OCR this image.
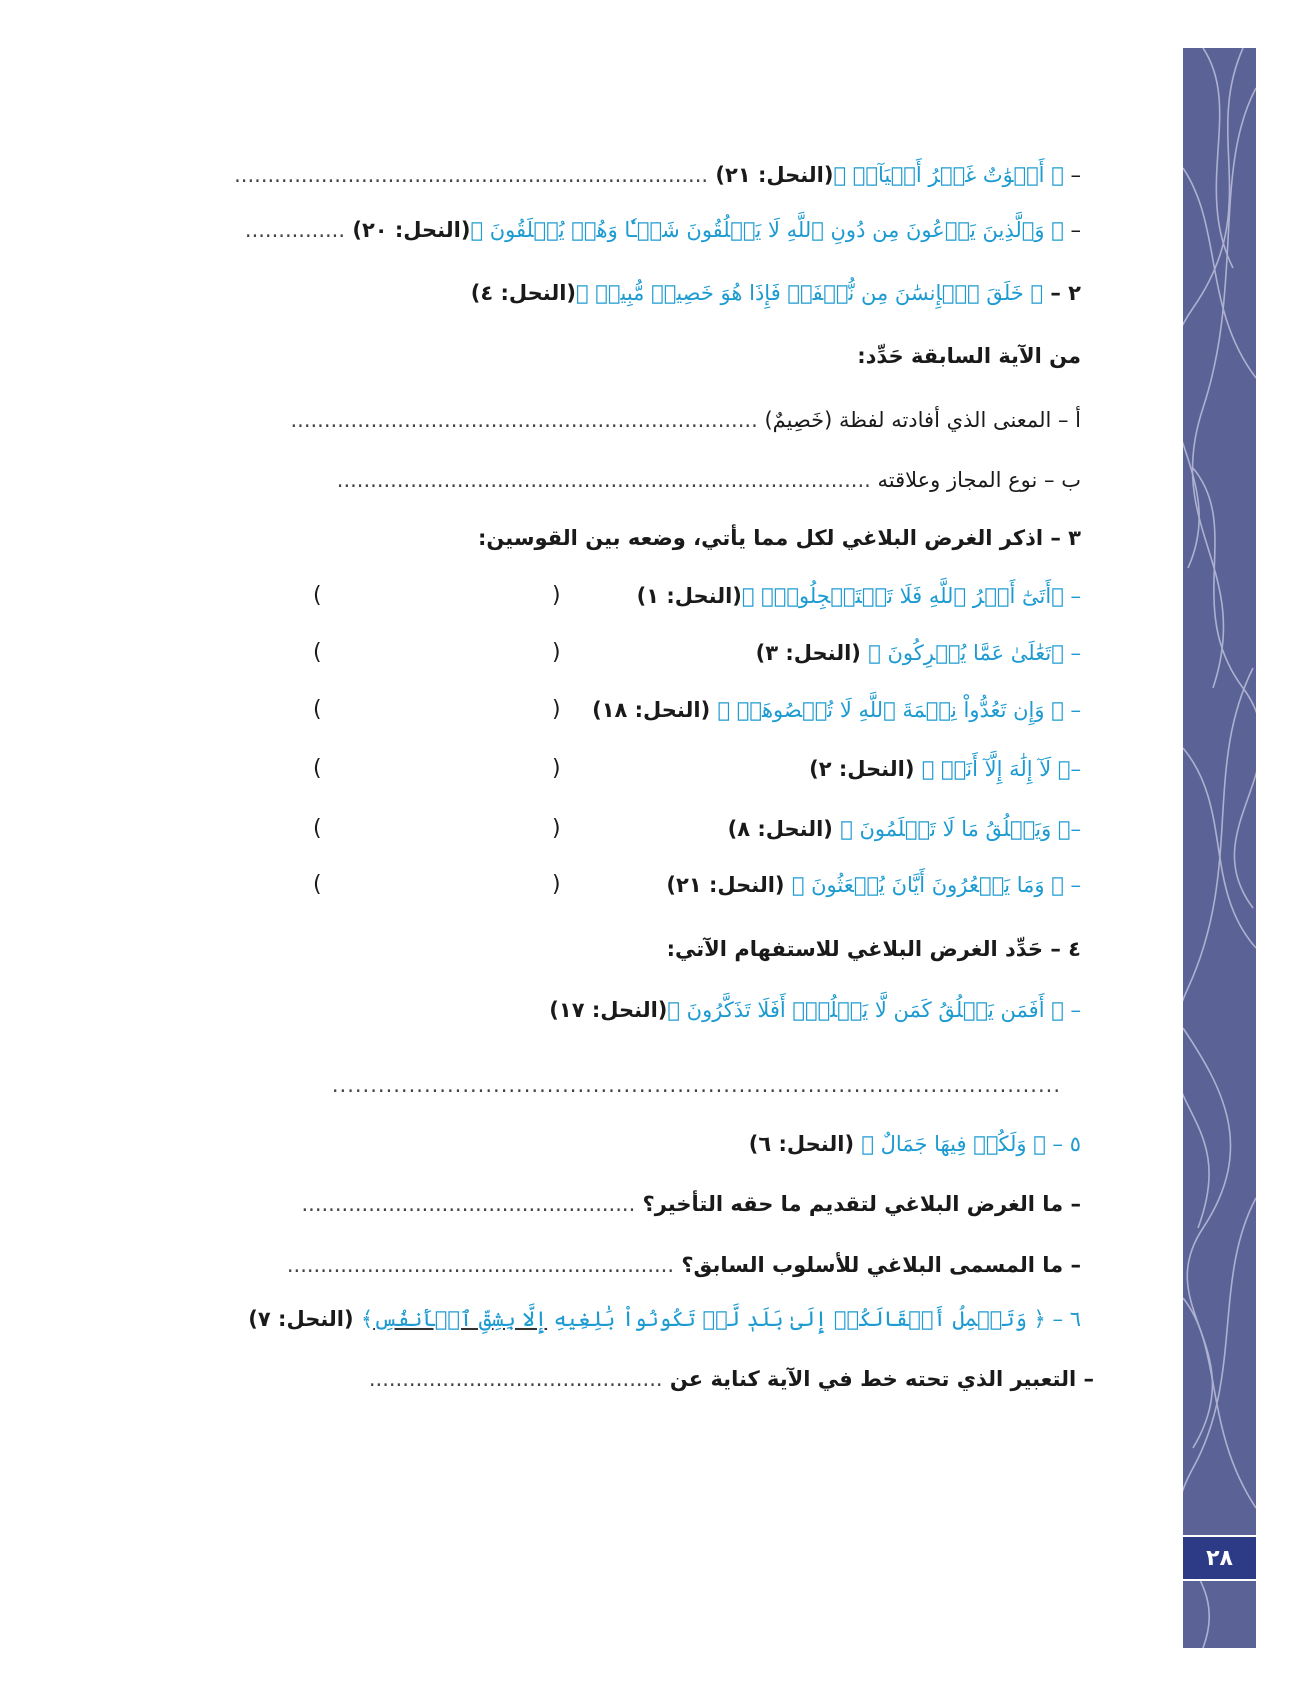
٢٨
– ﴿ أَمۡوَٰتٌ غَيۡرُ أَحۡيَآءٖ ﴾(النحل: ٢١) .......................................................................
– ﴿ وَٱلَّذِينَ يَدۡعُونَ مِن دُونِ ٱللَّهِ لَا يَخۡلُقُونَ شَيۡـٔٗا وَهُمۡ يُخۡلَقُونَ ﴾(النحل: ٢٠) ...............
٢ – ﴿ خَلَقَ ٱلۡإِنسَٰنَ مِن نُّطۡفَةٖ فَإِذَا هُوَ خَصِيمٞ مُّبِينٞ ﴾(النحل: ٤)
من الآية السابقة حَدِّد:
أ – المعنى الذي أفادته لفظة (خَصِيمٌ) ......................................................................
ب – نوع المجاز وعلاقته ................................................................................
٣ – اذكر الغرض البلاغي لكل مما يأتي، وضعه بين القوسين:
– ﴿أَتَىٰٓ أَمۡرُ ٱللَّهِ فَلَا تَسۡتَعۡجِلُوهُۚ ﴾(النحل: ١)
– ﴿تَعَٰلَىٰ عَمَّا يُشۡرِكُونَ ﴾ (النحل: ٣)
– ﴿ وَإِن تَعُدُّواْ نِعۡمَةَ ٱللَّهِ لَا تُحۡصُوهَآۗ ﴾ (النحل: ١٨)
–﴿ لَآ إِلَٰهَ إِلَّآ أَنَا۠ ﴾ (النحل: ٢)
–﴿ وَيَخۡلُقُ مَا لَا تَعۡلَمُونَ ﴾ (النحل: ٨)
– ﴿ وَمَا يَشۡعُرُونَ أَيَّانَ يُبۡعَثُونَ ﴾ (النحل: ٢١)
(
)
(
)
(
)
(
)
(
)
(
)
٤ – حَدِّد الغرض البلاغي للاستفهام الآتي:
– ﴿ أَفَمَن يَخۡلُقُ كَمَن لَّا يَخۡلُقُۚ أَفَلَا تَذَكَّرُونَ ﴾(النحل: ١٧)
...............................................................................................
٥ – ﴿ وَلَكُمۡ فِيهَا جَمَالٌ ﴾ (النحل: ٦)
– ما الغرض البلاغي لتقديم ما حقه التأخير؟ ..................................................
– ما المسمى البلاغي للأسلوب السابق؟ ..........................................................
٦ – ﴿ وَتَحۡمِلُ أَثۡقَالَكُمۡ إِلَىٰ بَلَدٖ لَّمۡ تَكُونُواْ بَٰلِغِيهِ إِلَّا بِشِقِّ ٱلۡأَنفُسِ﴾ (النحل: ٧)
– التعبير الذي تحته خط في الآية كناية عن ............................................
